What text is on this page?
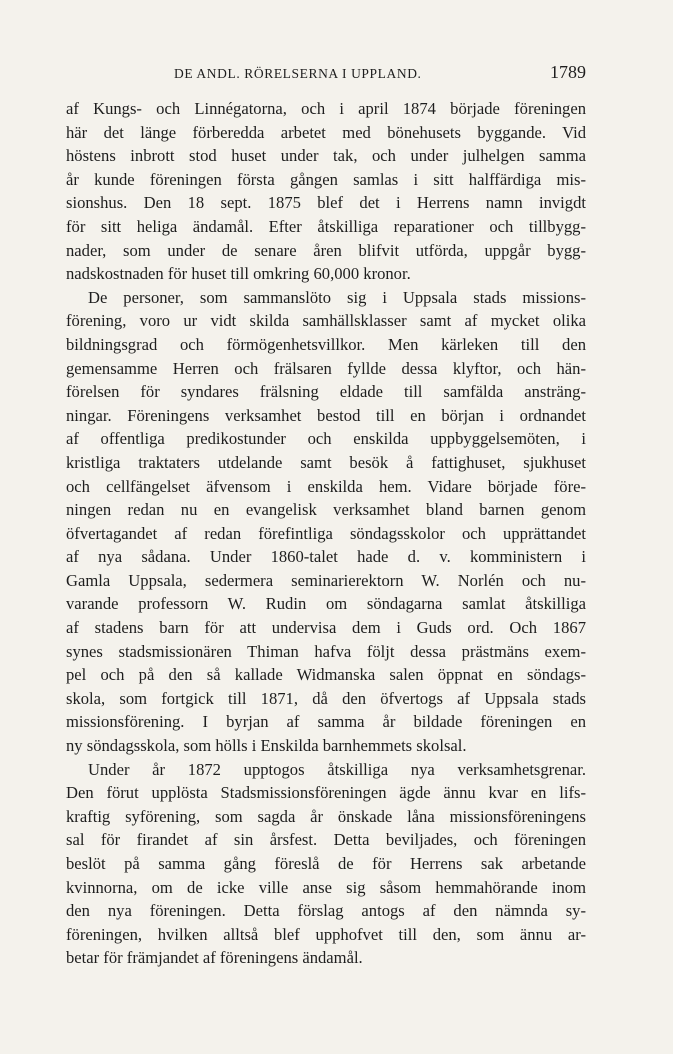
DE ANDL. RÖRELSERNA I UPPLAND.	1789
af Kungs- och Linnégatorna, och i april 1874 började föreningen
här det länge förberedda arbetet med bönehusets byggande. Vid
höstens inbrott stod huset under tak, och under julhelgen samma
år kunde föreningen första gången samlas i sitt halffärdiga mis-
sionshus. Den 18 sept. 1875 blef det i Herrens namn invigdt
för sitt heliga ändamål. Efter åtskilliga reparationer och tillbygg-
nader, som under de senare åren blifvit utförda, uppgår bygg-
nadskostnaden för huset till omkring 60,000 kronor.
De personer, som sammanslöto sig i Uppsala stads missions-
förening, voro ur vidt skilda samhällsklasser samt af mycket olika
bildningsgrad och förmögenhetsvillkor. Men kärleken till den
gemensamme Herren och frälsaren fyllde dessa klyftor, och hän-
förelsen för syndares frälsning eldade till samfälda ansträng-
ningar. Föreningens verksamhet bestod till en början i ordnandet
af offentliga predikostunder och enskilda uppbyggelsemöten, i
kristliga traktaters utdelande samt besök å fattighuset, sjukhuset
och cellfängelset äfvensom i enskilda hem. Vidare började före-
ningen redan nu en evangelisk verksamhet bland barnen genom
öfvertagandet af redan förefintliga söndagsskolor och upprättandet
af nya sådana. Under 1860-talet hade d. v. komministern i
Gamla Uppsala, sedermera seminarierektorn W. Norlén och nu-
varande professorn W. Rudin om söndagarna samlat åtskilliga
af stadens barn för att undervisa dem i Guds ord. Och 1867
synes stadsmissionären Thiman hafva följt dessa prästmäns exem-
pel och på den så kallade Widmanska salen öppnat en söndags-
skola, som fortgick till 1871, då den öfvertogs af Uppsala stads
missionsförening. I byrjan af samma år bildade föreningen en
ny söndagsskola, som hölls i Enskilda barnhemmets skolsal.
Under år 1872 upptogos åtskilliga nya verksamhetsgrenar.
Den förut upplösta Stadsmissionsföreningen ägde ännu kvar en lifs-
kraftig syförening, som sagda år önskade låna missionsföreningens
sal för firandet af sin årsfest. Detta beviljades, och föreningen
beslöt på samma gång föreslå de för Herrens sak arbetande
kvinnorna, om de icke ville anse sig såsom hemmahörande inom
den nya föreningen. Detta förslag antogs af den nämnda sy-
föreningen, hvilken alltså blef upphofvet till den, som ännu ar-
betar för främjandet af föreningens ändamål.
